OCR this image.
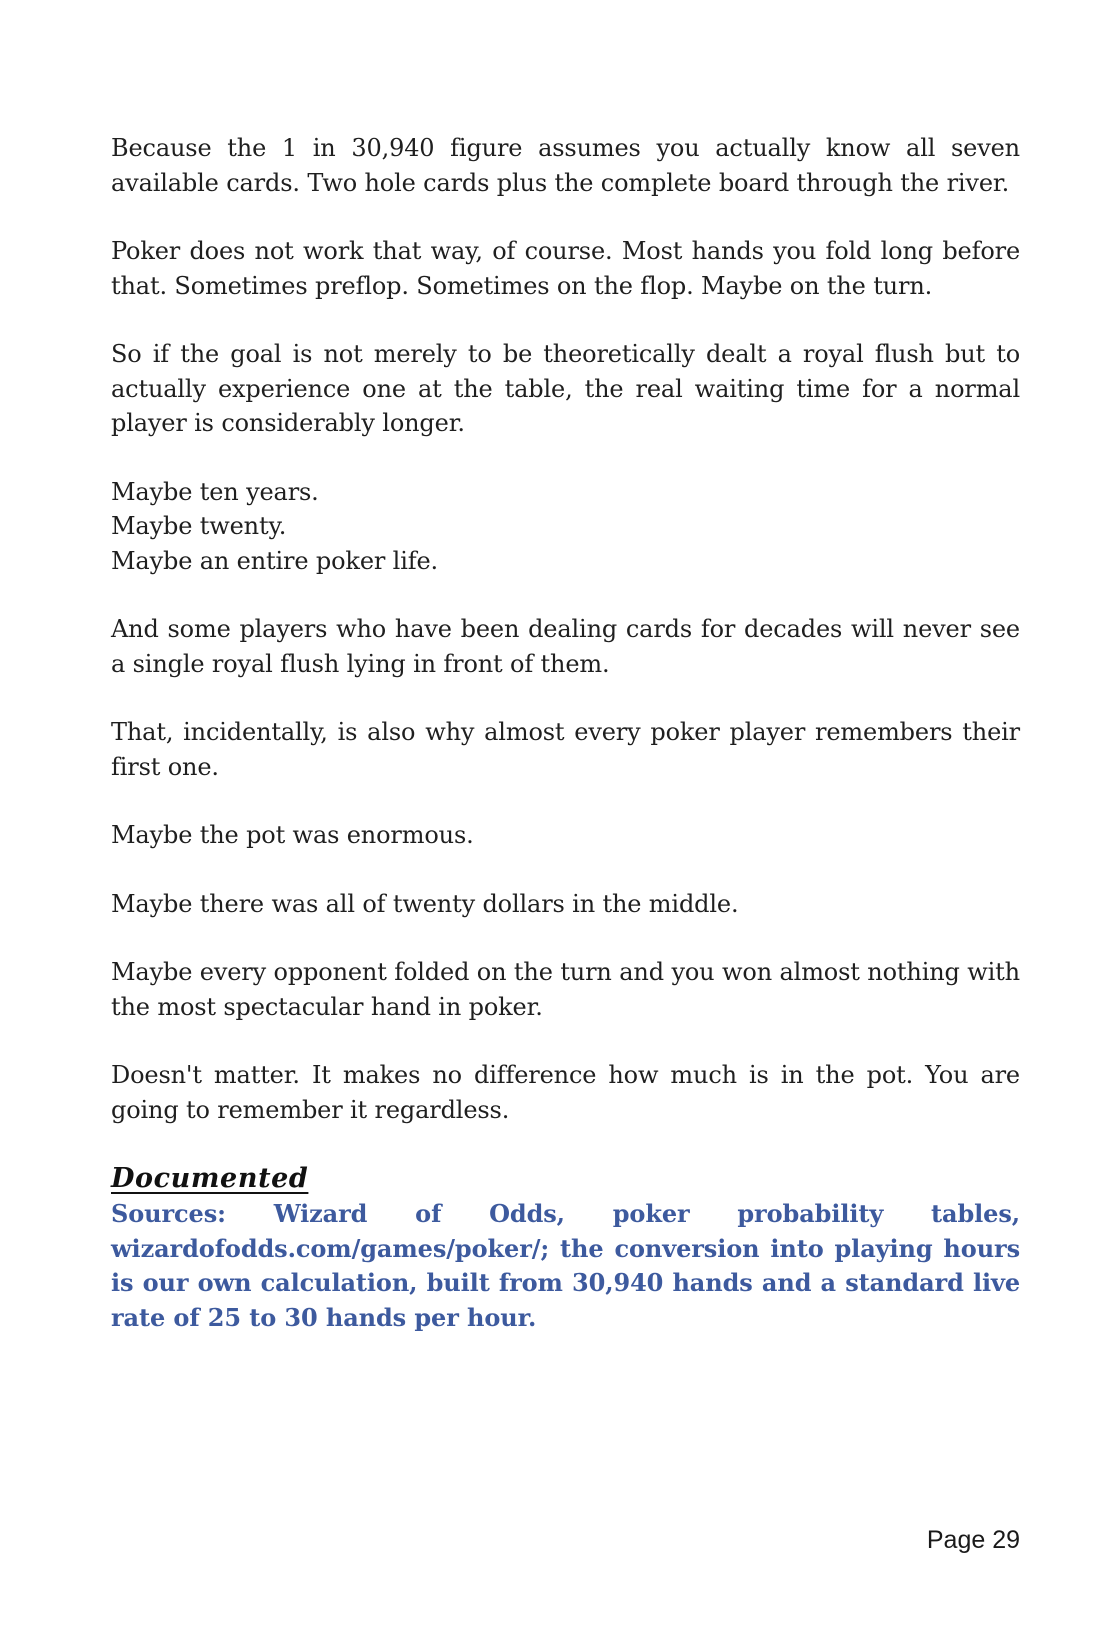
Because the 1 in 30,940 figure assumes you actually know all seven available cards. Two hole cards plus the complete board through the river.

Poker does not work that way, of course. Most hands you fold long before that. Sometimes preflop. Sometimes on the flop. Maybe on the turn.

So if the goal is not merely to be theoretically dealt a royal flush but to actually experience one at the table, the real waiting time for a normal player is considerably longer.

Maybe ten years.
Maybe twenty.
Maybe an entire poker life.

And some players who have been dealing cards for decades will never see a single royal flush lying in front of them.

That, incidentally, is also why almost every poker player remembers their first one.

Maybe the pot was enormous.

Maybe there was all of twenty dollars in the middle.

Maybe every opponent folded on the turn and you won almost nothing with the most spectacular hand in poker.

Doesn't matter. It makes no difference how much is in the pot. You are going to remember it regardless.

Documented

Sources: Wizard of Odds, poker probability tables, wizardofodds.com/games/poker/; the conversion into playing hours is our own calculation, built from 30,940 hands and a standard live rate of 25 to 30 hands per hour.

Page 29
